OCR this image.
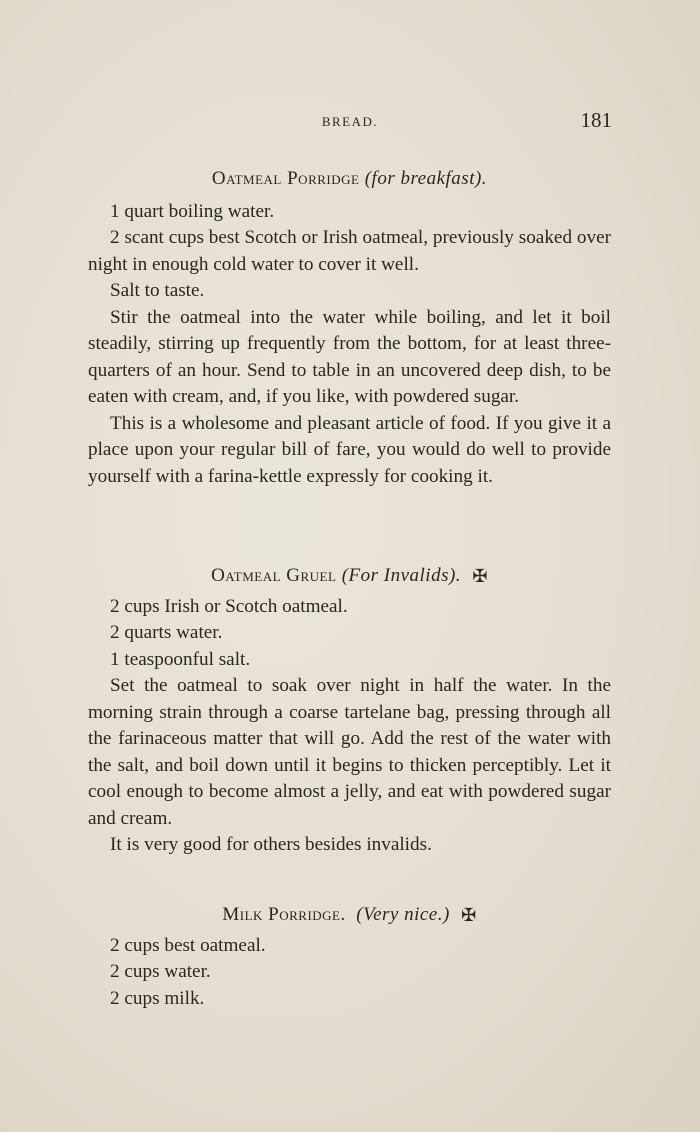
BREAD.	181
Oatmeal Porridge (for breakfast).

1 quart boiling water.

2 scant cups best Scotch or Irish oatmeal, previously soaked over night in enough cold water to cover it well.

Salt to taste.

Stir the oatmeal into the water while boiling, and let it boil steadily, stirring up frequently from the bottom, for at least three-quarters of an hour. Send to table in an uncovered deep dish, to be eaten with cream, and, if you like, with powdered sugar.

This is a wholesome and pleasant article of food. If you give it a place upon your regular bill of fare, you would do well to provide yourself with a farina-kettle expressly for cooking it.

Oatmeal Gruel (For Invalids). ✠

2 cups Irish or Scotch oatmeal.

2 quarts water.

1 teaspoonful salt.

Set the oatmeal to soak over night in half the water. In the morning strain through a coarse tartelane bag, pressing through all the farinaceous matter that will go. Add the rest of the water with the salt, and boil down until it begins to thicken perceptibly. Let it cool enough to become almost a jelly, and eat with powdered sugar and cream.

It is very good for others besides invalids.

Milk Porridge. (Very nice.) ✠

2 cups best oatmeal.

2 cups water.

2 cups milk.
